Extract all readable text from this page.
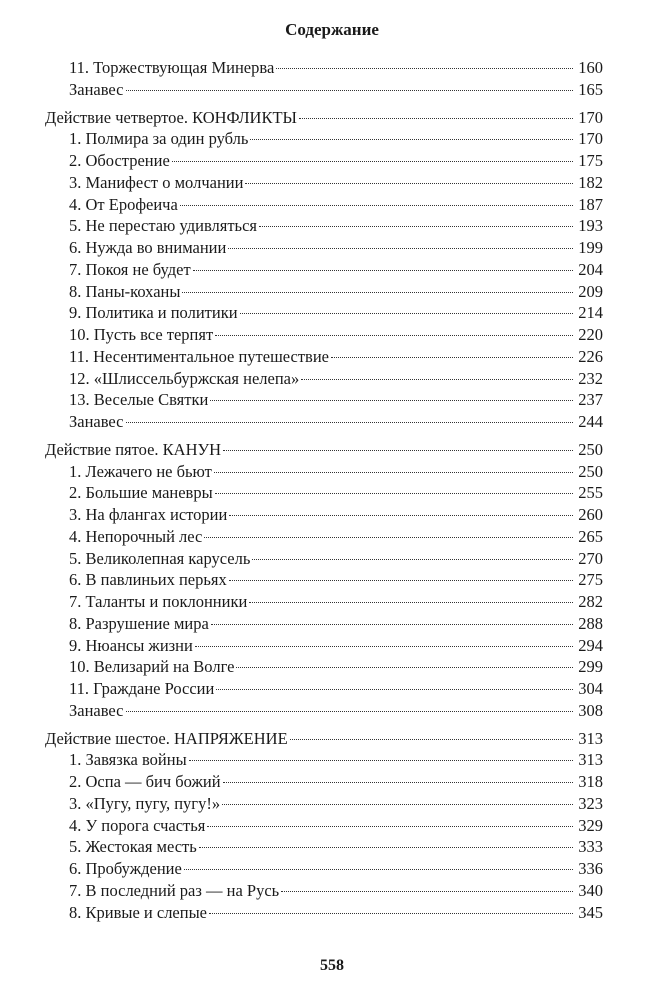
Содержание
11. Торжествующая Минерва	160
Занавес	165
Действие четвертое. КОНФЛИКТЫ	170
1. Полмира за один рубль	170
2. Обострение	175
3. Манифест о молчании	182
4. От Ерофеича	187
5. Не перестаю удивляться	193
6. Нужда во внимании	199
7. Покоя не будет	204
8. Паны-коханы	209
9. Политика и политики	214
10. Пусть все терпят	220
11. Несентиментальное путешествие	226
12. «Шлиссельбуржская нелепа»	232
13. Веселые Святки	237
Занавес	244
Действие пятое. КАНУН	250
1. Лежачего не бьют	250
2. Большие маневры	255
3. На флангах истории	260
4. Непорочный лес	265
5. Великолепная карусель	270
6. В павлиньих перьях	275
7. Таланты и поклонники	282
8. Разрушение мира	288
9. Нюансы жизни	294
10. Велизарий на Волге	299
11. Граждане России	304
Занавес	308
Действие шестое. НАПРЯЖЕНИЕ	313
1. Завязка войны	313
2. Оспа — бич божий	318
3. «Пугу, пугу, пугу!»	323
4. У порога счастья	329
5. Жестокая месть	333
6. Пробуждение	336
7. В последний раз — на Русь	340
8. Кривые и слепые	345
558
